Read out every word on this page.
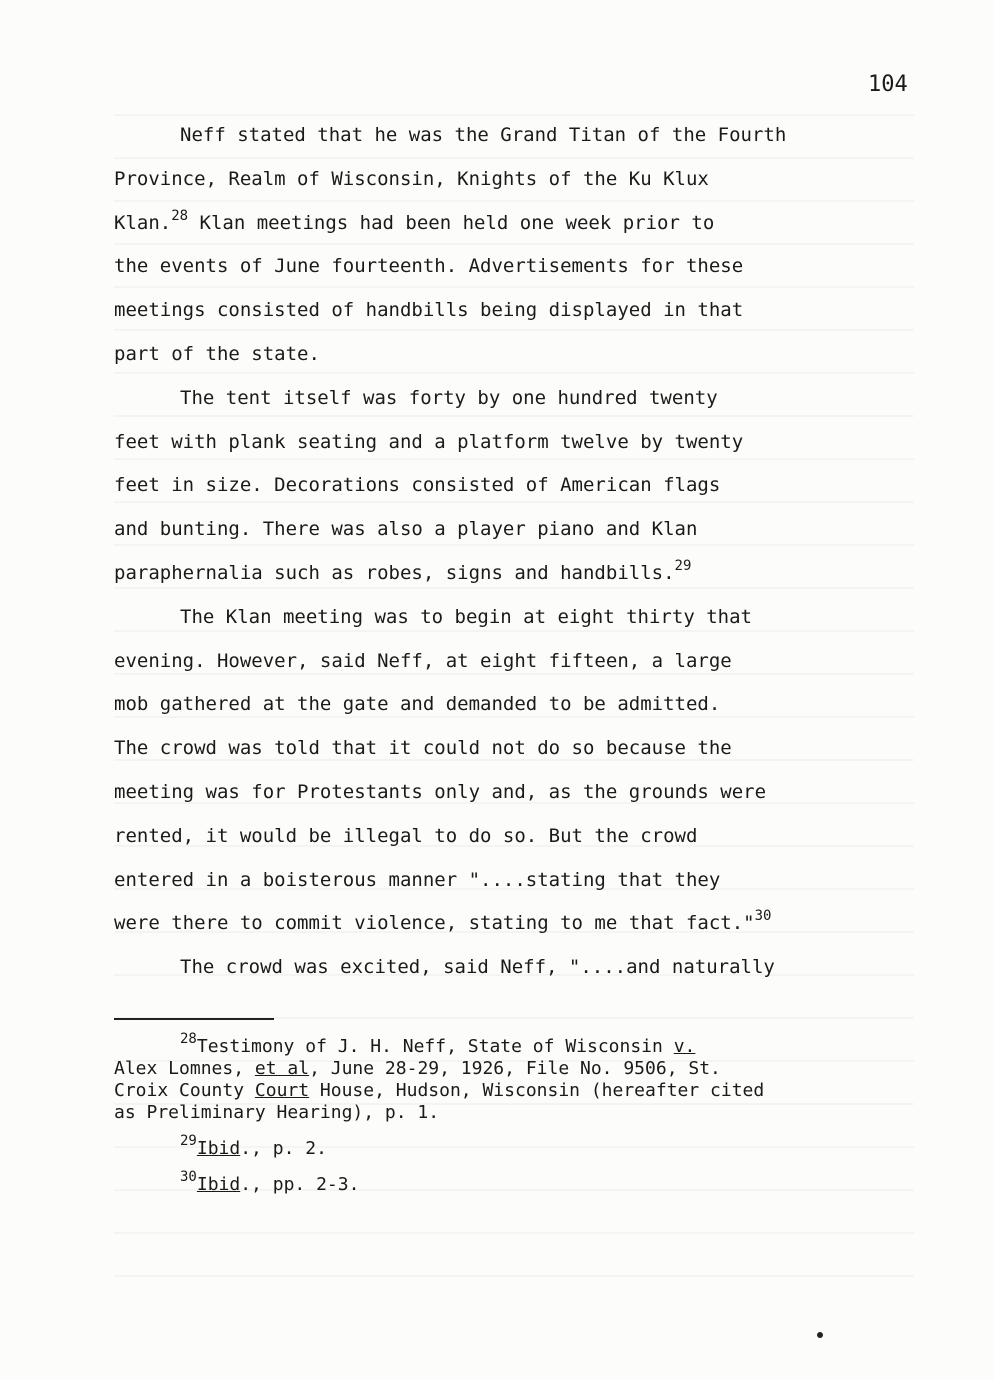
104
Neff stated that he was the Grand Titan of the Fourth
Province, Realm of Wisconsin, Knights of the Ku Klux
Klan.$^{28}$ Klan meetings had been held one week prior to
the events of June fourteenth. Advertisements for these
meetings consisted of handbills being displayed in that
part of the state.
The tent itself was forty by one hundred twenty
feet with plank seating and a platform twelve by twenty
feet in size. Decorations consisted of American flags
and bunting. There was also a player piano and Klan
paraphernalia such as robes, signs and handbills.$^{29}$
The Klan meeting was to begin at eight thirty that
evening. However, said Neff, at eight fifteen, a large
mob gathered at the gate and demanded to be admitted.
The crowd was told that it could not do so because the
meeting was for Protestants only and, as the grounds were
rented, it would be illegal to do so. But the crowd
entered in a boisterous manner "....stating that they
were there to commit violence, stating to me that fact."$^{30}$
The crowd was excited, said Neff, "....and naturally
$^{28}$Testimony of J. H. Neff, State of Wisconsin v.
Alex Lomnes, et al, June 28-29, 1926, File No. 9506, St.
Croix County Court House, Hudson, Wisconsin (hereafter cited
as Preliminary Hearing), p. 1.
$^{29}$Ibid., p. 2.
$^{30}$Ibid., pp. 2-3.
